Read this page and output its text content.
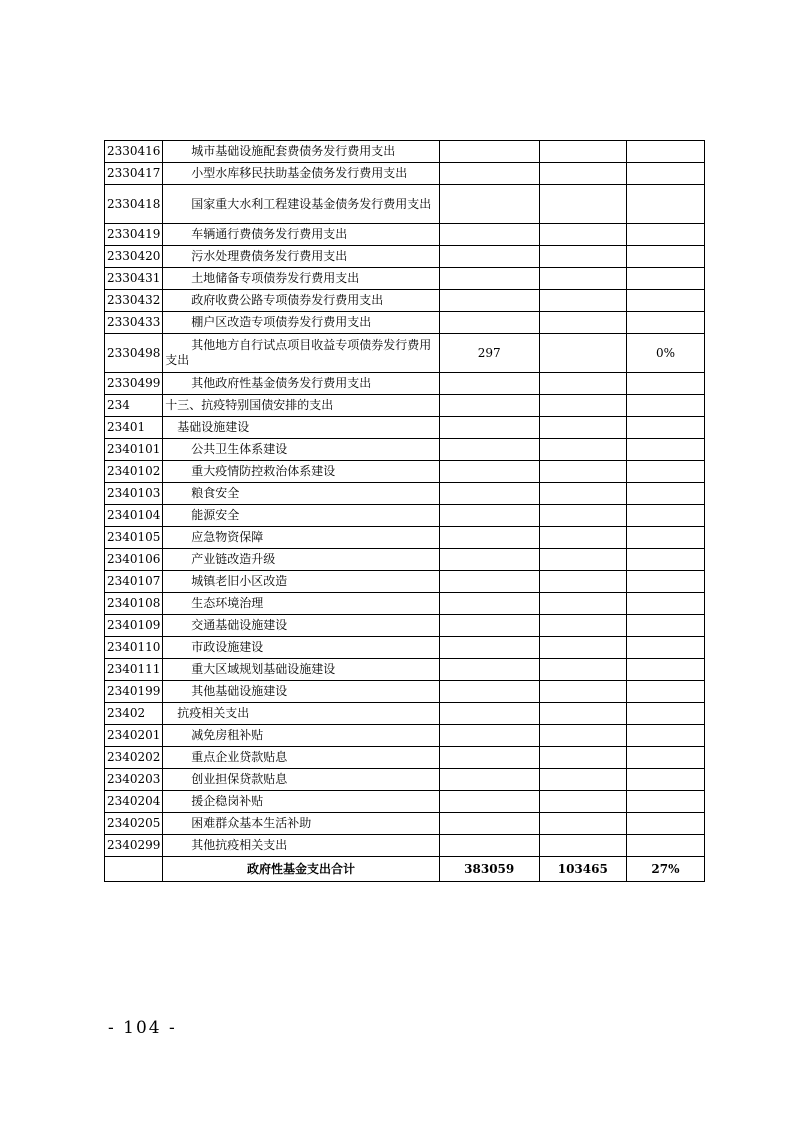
2330416	城市基础设施配套费债务发行费用支出			
2330417	小型水库移民扶助基金债务发行费用支出			
2330418	国家重大水利工程建设基金债务发行费用支出			
2330419	车辆通行费债务发行费用支出			
2330420	污水处理费债务发行费用支出			
2330431	土地储备专项债券发行费用支出			
2330432	政府收费公路专项债券发行费用支出			
2330433	棚户区改造专项债券发行费用支出			
2330498	其他地方自行试点项目收益专项债券发行费用支出	297		0%
2330499	其他政府性基金债务发行费用支出			
234	十三、抗疫特别国债安排的支出			
23401	基础设施建设			
2340101	公共卫生体系建设			
2340102	重大疫情防控救治体系建设			
2340103	粮食安全			
2340104	能源安全			
2340105	应急物资保障			
2340106	产业链改造升级			
2340107	城镇老旧小区改造			
2340108	生态环境治理			
2340109	交通基础设施建设			
2340110	市政设施建设			
2340111	重大区域规划基础设施建设			
2340199	其他基础设施建设			
23402	抗疫相关支出			
2340201	减免房租补贴			
2340202	重点企业贷款贴息			
2340203	创业担保贷款贴息			
2340204	援企稳岗补贴			
2340205	困难群众基本生活补助			
2340299	其他抗疫相关支出			
	政府性基金支出合计	383059	103465	27%
- 104 -
